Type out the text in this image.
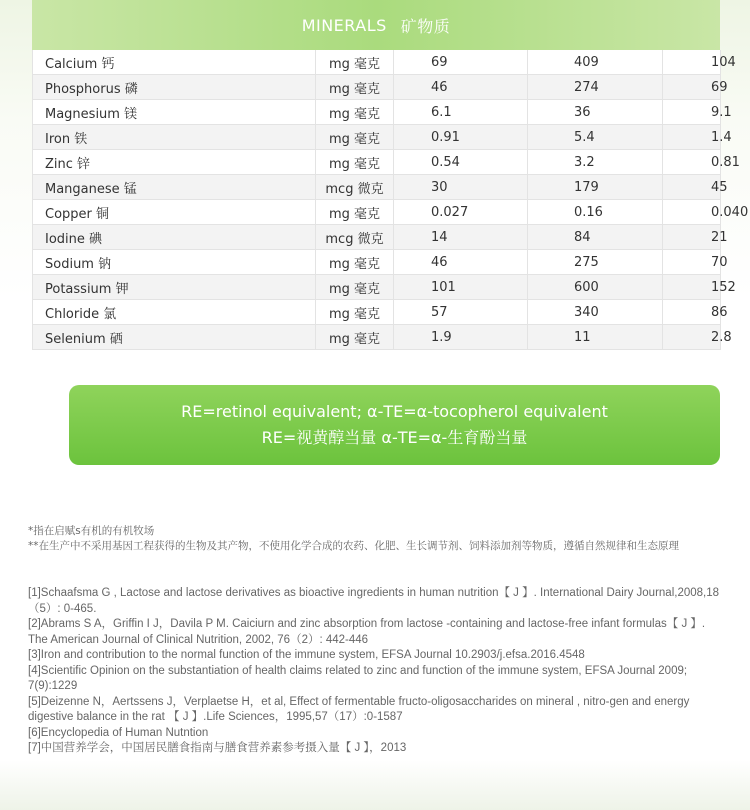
MINERALS 矿物质
Calcium 钙	mg 毫克	69	409	104
Phosphorus 磷	mg 毫克	46	274	69
Magnesium 镁	mg 毫克	6.1	36	9.1
Iron 铁	mg 毫克	0.91	5.4	1.4
Zinc 锌	mg 毫克	0.54	3.2	0.81
Manganese 锰	mcg 微克	30	179	45
Copper 铜	mg 毫克	0.027	0.16	0.040
Iodine 碘	mcg 微克	14	84	21
Sodium 钠	mg 毫克	46	275	70
Potassium 钾	mg 毫克	101	600	152
Chloride 氯	mg 毫克	57	340	86
Selenium 硒	mg 毫克	1.9	11	2.8
RE=retinol equivalent; α-TE=α-tocopherol equivalent
RE=视黄醇当量 α-TE=α-生育酚当量
*指在启赋s有机的有机牧场
**在生产中不采用基因工程获得的生物及其产物，不使用化学合成的农药、化肥、生长调节剂、饲料添加剂等物质，遵循自然规律和生态原理
[1]Schaafsma G , Lactose and lactose derivatives as bioactive ingredients in human nutrition【 J 】. International Dairy Journal,2008,18（5）: 0-465.
[2]Abrams S A，Griffin I J，Davila P M. Caiciurn and zinc absorption from lactose -containing and lactose-free infant formulas【 J 】. The American Journal of Clinical Nutrition, 2002, 76（2）: 442-446
[3]Iron and contribution to the normal function of the immune system, EFSA Journal 10.2903/j.efsa.2016.4548
[4]Scientific Opinion on the substantiation of health claims related to zinc and function of the immune system, EFSA Journal 2009; 7(9):1229
[5]Deizenne N，Aertssens J，Verplaetse H，et al, Effect of fermentable fructo-oligosaccharides on mineral , nitro-gen and energy digestive balance in the rat 【 J 】.Life Sciences，1995,57（17）:0-1587
[6]Encyclopedia of Human Nutntion
[7]中国营养学会，中国居民膳食指南与膳食营养素参考摄入量【 J 】，2013
